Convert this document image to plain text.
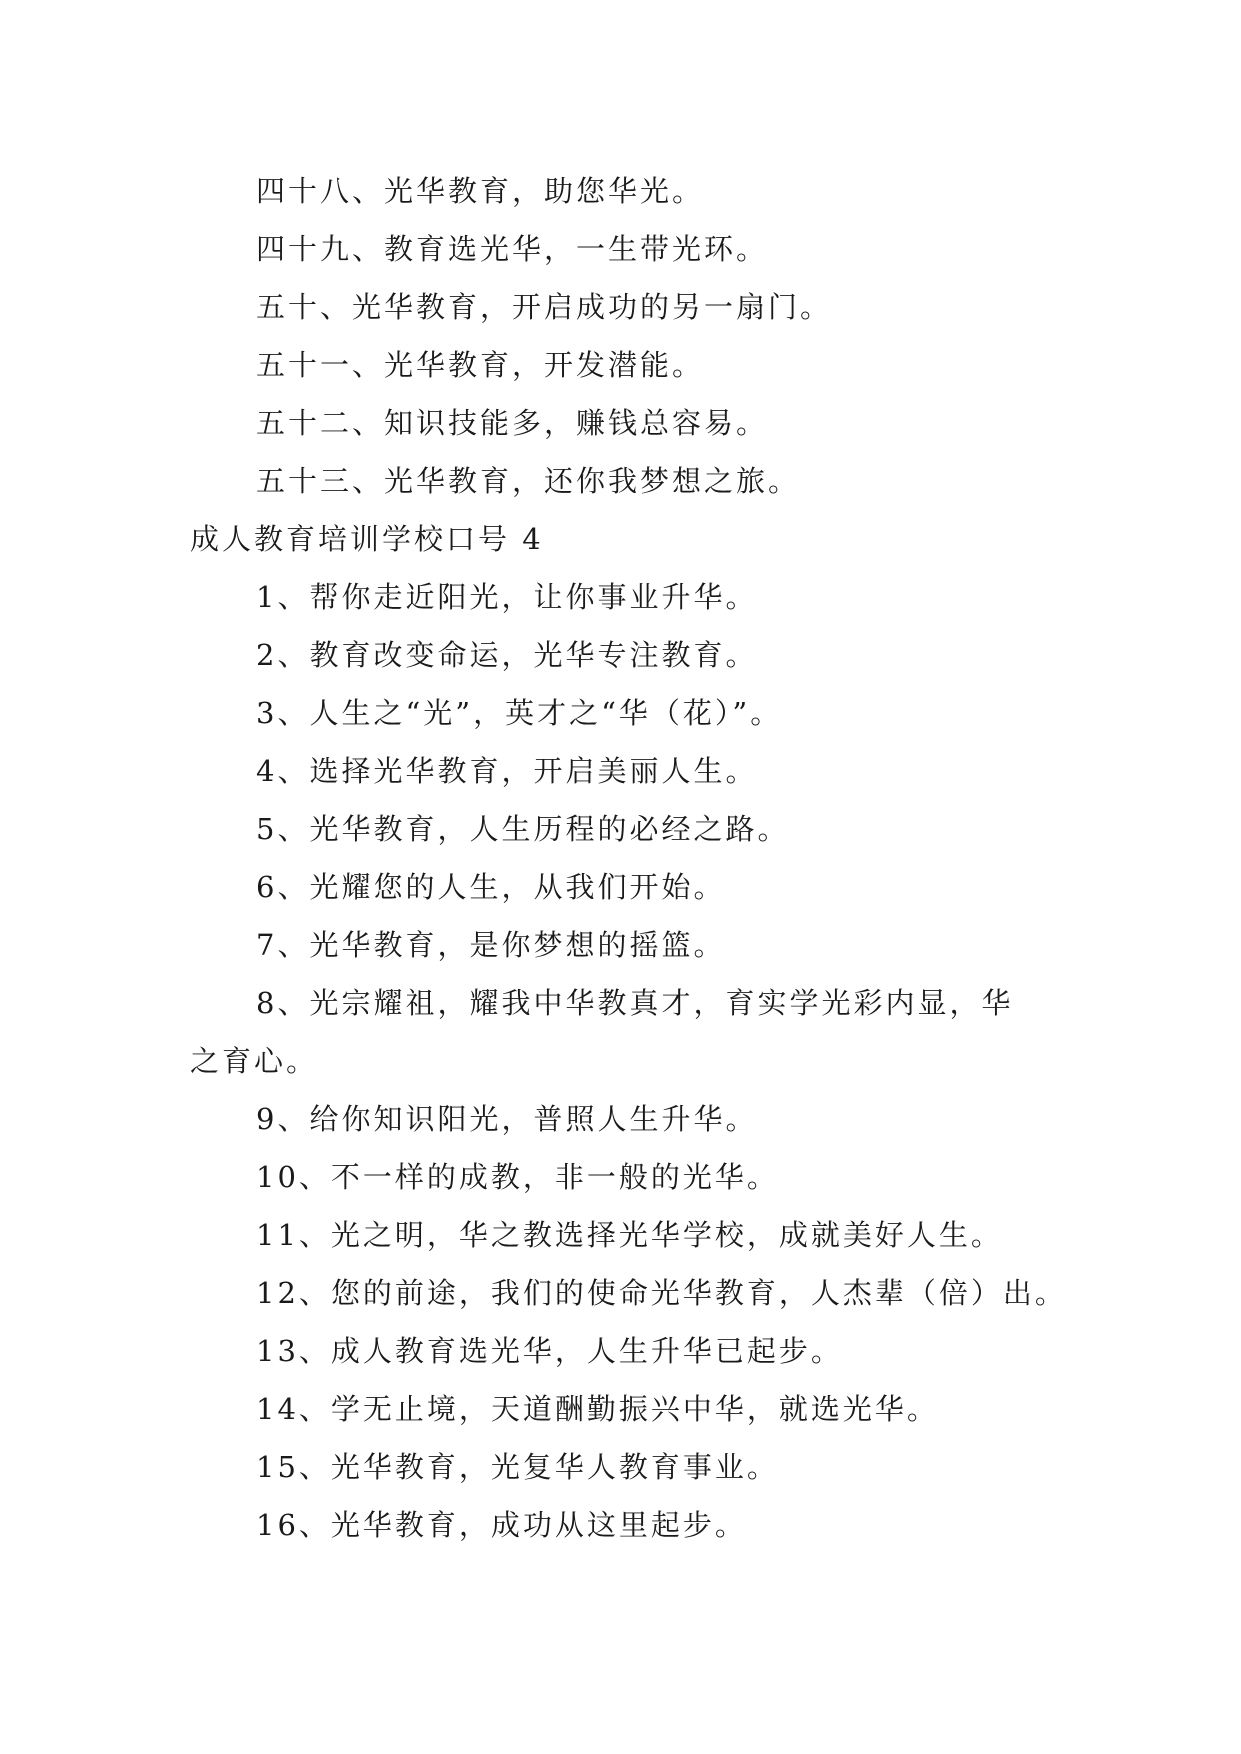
四十八、光华教育，助您华光。
四十九、教育选光华，一生带光环。
五十、光华教育，开启成功的另一扇门。
五十一、光华教育，开发潜能。
五十二、知识技能多，赚钱总容易。
五十三、光华教育，还你我梦想之旅。
成人教育培训学校口号 4
1、帮你走近阳光，让你事业升华。
2、教育改变命运，光华专注教育。
3、人生之“光”，英才之“华（花）”。
4、选择光华教育，开启美丽人生。
5、光华教育，人生历程的必经之路。
6、光耀您的人生，从我们开始。
7、光华教育，是你梦想的摇篮。
8、光宗耀祖，耀我中华教真才，育实学光彩内显，华
之育心。
9、给你知识阳光，普照人生升华。
10、不一样的成教，非一般的光华。
11、光之明，华之教选择光华学校，成就美好人生。
12、您的前途，我们的使命光华教育，人杰辈（倍）出。
13、成人教育选光华，人生升华已起步。
14、学无止境，天道酬勤振兴中华，就选光华。
15、光华教育，光复华人教育事业。
16、光华教育，成功从这里起步。
